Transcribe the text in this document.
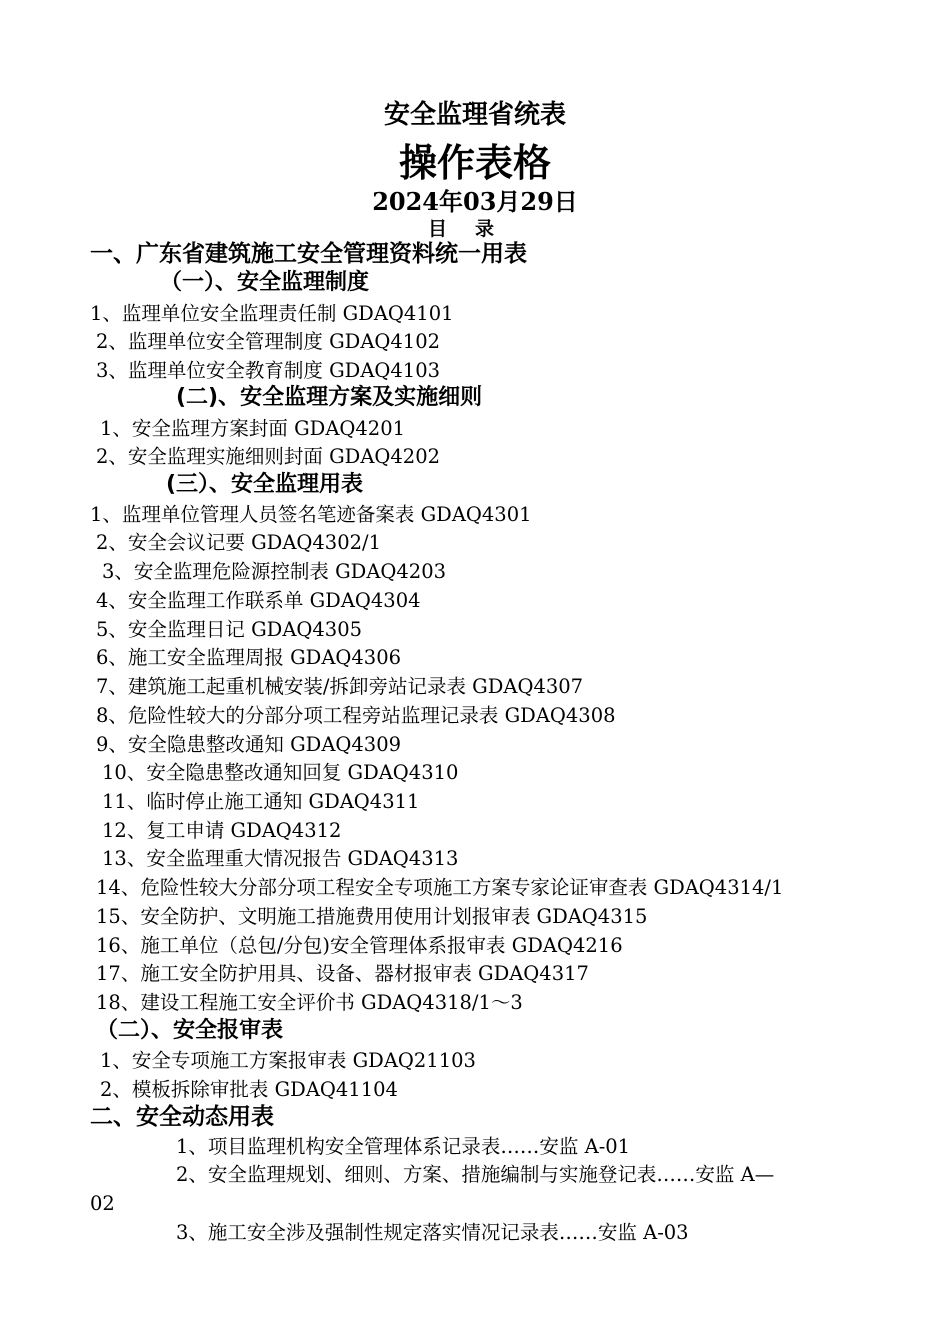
安全监理省统表
操作表格
2024年03月29日
目录
一、广东省建筑施工安全管理资料统一用表
（一）、安全监理制度
1、监理单位安全监理责任制 GDAQ4101
2、监理单位安全管理制度 GDAQ4102
3、监理单位安全教育制度 GDAQ4103
(二)、安全监理方案及实施细则
1、安全监理方案封面 GDAQ4201
2、安全监理实施细则封面 GDAQ4202
(三）、安全监理用表
1、监理单位管理人员签名笔迹备案表 GDAQ4301
2、安全会议记要 GDAQ4302/1
3、安全监理危险源控制表 GDAQ4203
4、安全监理工作联系单 GDAQ4304
5、安全监理日记 GDAQ4305
6、施工安全监理周报 GDAQ4306
7、建筑施工起重机械安装/拆卸旁站记录表 GDAQ4307
8、危险性较大的分部分项工程旁站监理记录表 GDAQ4308
9、安全隐患整改通知 GDAQ4309
10、安全隐患整改通知回复 GDAQ4310
11、临时停止施工通知 GDAQ4311
12、复工申请 GDAQ4312
13、安全监理重大情况报告 GDAQ4313
14、危险性较大分部分项工程安全专项施工方案专家论证审查表 GDAQ4314/1
15、安全防护、文明施工措施费用使用计划报审表 GDAQ4315
16、施工单位（总包/分包)安全管理体系报审表 GDAQ4216
17、施工安全防护用具、设备、器材报审表 GDAQ4317
18、建设工程施工安全评价书 GDAQ4318/1～3
（二）、安全报审表
1、安全专项施工方案报审表 GDAQ21103
2、模板拆除审批表 GDAQ41104
二、安全动态用表
1、项目监理机构安全管理体系记录表……安监 A-01
2、安全监理规划、细则、方案、措施编制与实施登记表……安监 A—
02
3、施工安全涉及强制性规定落实情况记录表……安监 A-03
